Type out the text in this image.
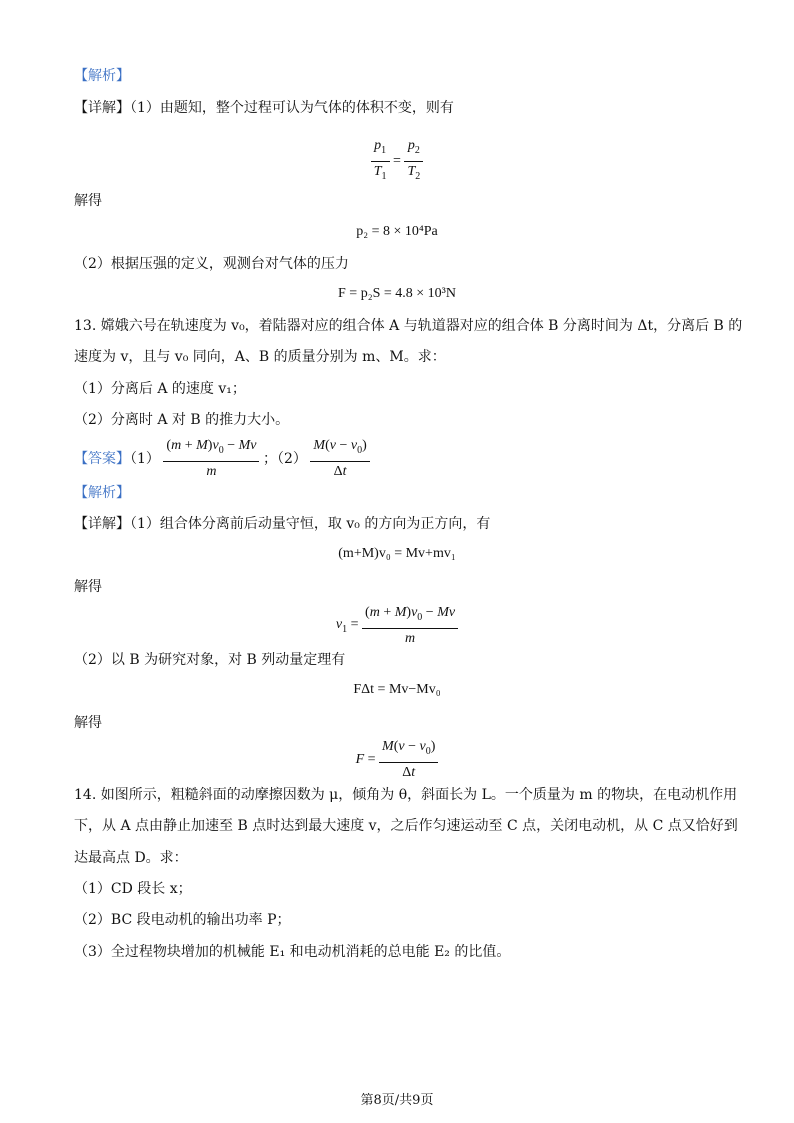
【解析】
【详解】（1）由题知，整个过程可认为气体的体积不变，则有
$\frac{p_1}{T_1} = \frac{p_2}{T_2}$
解得
p₂ = 8 × 10⁴Pa
（2）根据压强的定义，观测台对气体的压力
F = p₂S = 4.8 × 10³N
13. 嫦娥六号在轨速度为 v₀，着陆器对应的组合体 A 与轨道器对应的组合体 B 分离时间为 Δt，分离后 B 的
速度为 v，且与 v₀ 同向，A、B 的质量分别为 m、M。求：
（1）分离后 A 的速度 v₁；
（2）分离时 A 对 B 的推力大小。
【答案】$(1) \frac{(m + M)v_0 - Mv}{m}$ ；$(2) \frac{M(v - v_0)}{\Delta t}$
【解析】
【详解】（1）组合体分离前后动量守恒，取 v₀ 的方向为正方向，有
(m+M)v₀ = Mv+mv₁
解得
$v_1 = \frac{(m + M)v_0 - Mv}{m}$
（2）以 B 为研究对象，对 B 列动量定理有
FΔt = Mv−Mv₀
解得
$F = \frac{M(v - v_0)}{\Delta t}$
14. 如图所示，粗糙斜面的动摩擦因数为 μ，倾角为 θ，斜面长为 L。一个质量为 m 的物块，在电动机作用
下，从 A 点由静止加速至 B 点时达到最大速度 v，之后作匀速运动至 C 点，关闭电动机，从 C 点又恰好到
达最高点 D。求：
（1）CD 段长 x；
（2）BC 段电动机的输出功率 P；
（3）全过程物块增加的机械能 E₁ 和电动机消耗的总电能 E₂ 的比值。
第8页/共9页
